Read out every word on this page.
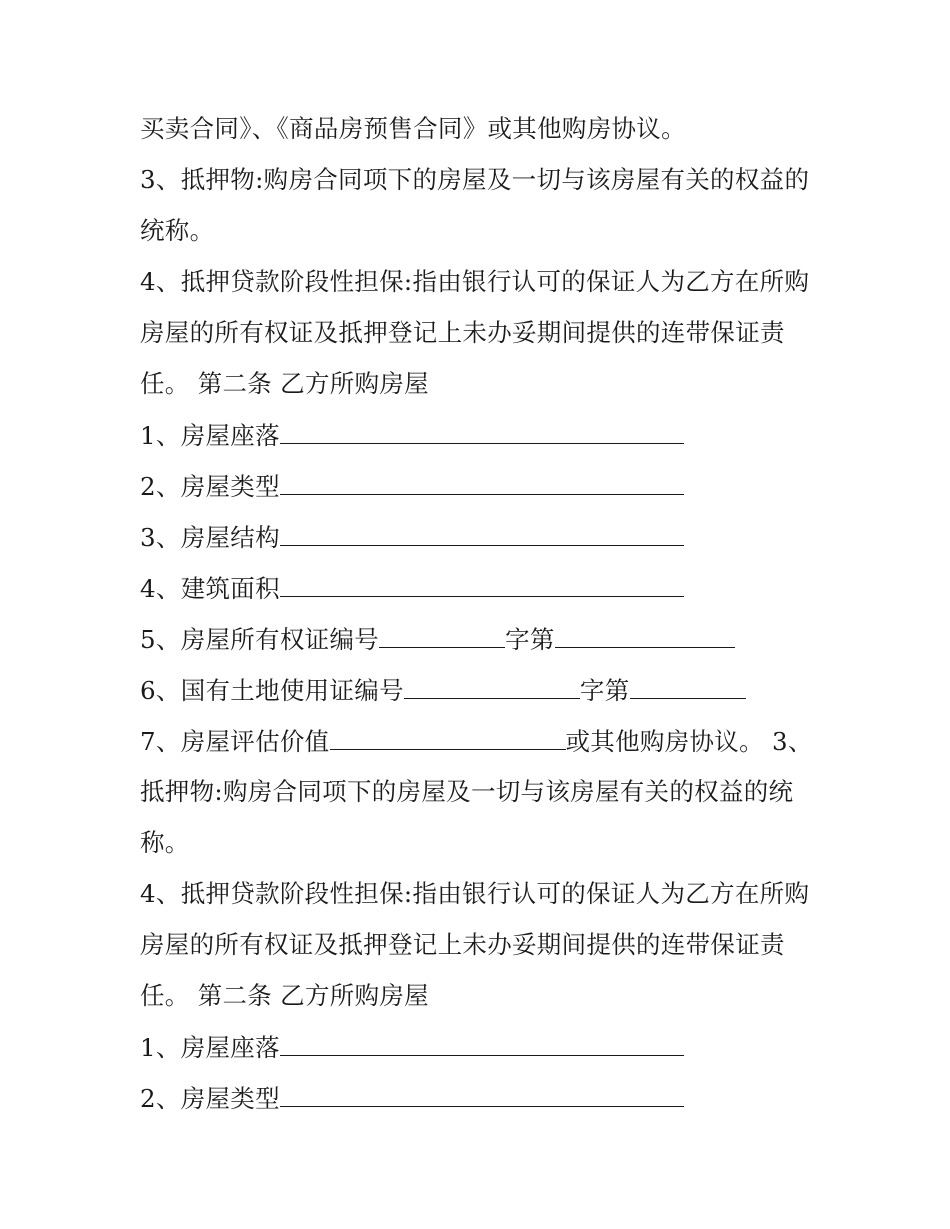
买卖合同》、《商品房预售合同》或其他购房协议。
3、抵押物:购房合同项下的房屋及一切与该房屋有关的权益的
统称。
4、抵押贷款阶段性担保:指由银行认可的保证人为乙方在所购
房屋的所有权证及抵押登记上未办妥期间提供的连带保证责
任。 第二条 乙方所购房屋
1、房屋座落
2、房屋类型
3、房屋结构
4、建筑面积
5、房屋所有权证编号	字第
6、国有土地使用证编号	字第
7、房屋评估价值	或其他购房协议。 3、
抵押物:购房合同项下的房屋及一切与该房屋有关的权益的统
称。
4、抵押贷款阶段性担保:指由银行认可的保证人为乙方在所购
房屋的所有权证及抵押登记上未办妥期间提供的连带保证责
任。 第二条 乙方所购房屋
1、房屋座落
2、房屋类型
